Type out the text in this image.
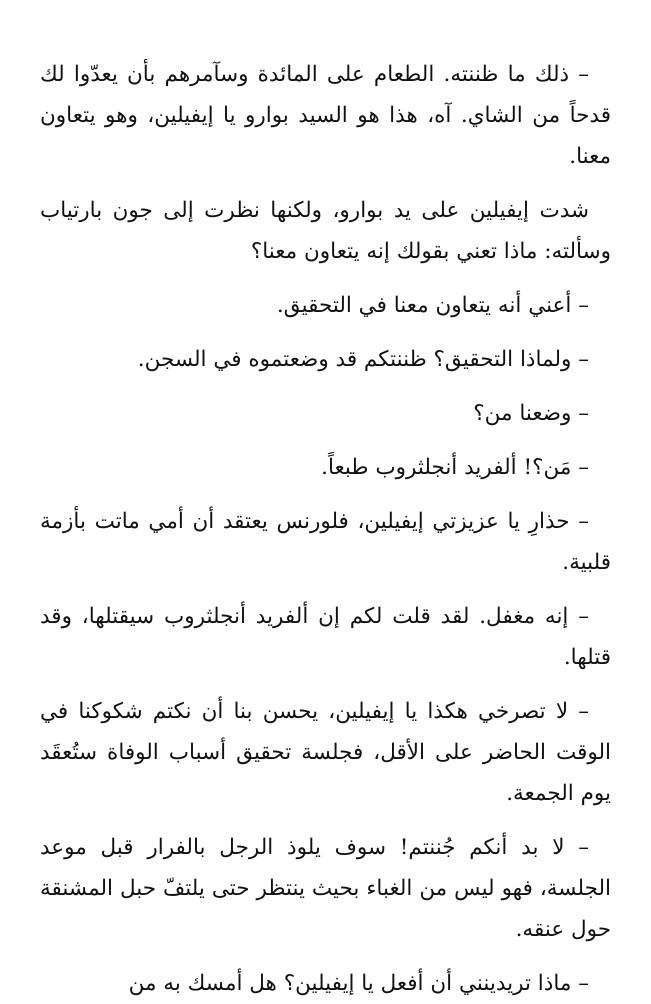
– ذلك ما ظننته. الطعام على المائدة وسآمرهم بأن يعدّوا لك قدحاً من الشاي. آه، هذا هو السيد بوارو يا إيفيلين، وهو يتعاون معنا.

شدت إيفيلين على يد بوارو، ولكنها نظرت إلى جون بارتياب وسألته: ماذا تعني بقولك إنه يتعاون معنا؟

– أعني أنه يتعاون معنا في التحقيق.

– ولماذا التحقيق؟ ظننتكم قد وضعتموه في السجن.

– وضعنا من؟

– مَن؟! ألفريد أنجلثروب طبعاً.

– حذارِ يا عزيزتي إيفيلين، فلورنس يعتقد أن أمي ماتت بأزمة قلبية.

– إنه مغفل. لقد قلت لكم إن ألفريد أنجلثروب سيقتلها، وقد قتلها.

– لا تصرخي هكذا يا إيفيلين، يحسن بنا أن نكتم شكوكنا في الوقت الحاضر على الأقل، فجلسة تحقيق أسباب الوفاة ستُعقَد يوم الجمعة.

– لا بد أنكم جُننتم! سوف يلوذ الرجل بالفرار قبل موعد الجلسة، فهو ليس من الغباء بحيث ينتظر حتى يلتفّ حبل المشنقة حول عنقه.

– ماذا تريدينني أن أفعل يا إيفيلين؟ هل أمسك به من
